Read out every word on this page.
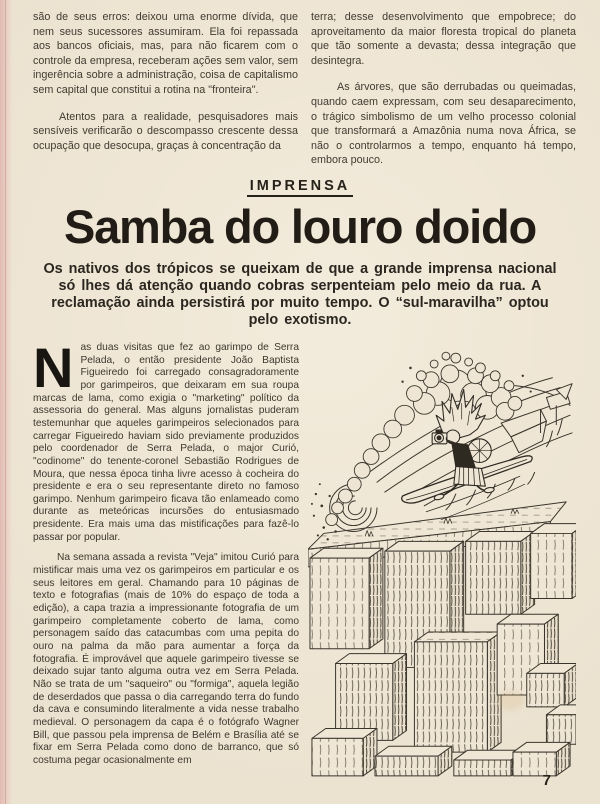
são de seus erros: deixou uma enorme dívida, que nem seus sucessores assumiram. Ela foi repassada aos bancos oficiais, mas, para não ficarem com o controle da empresa, receberam ações sem valor, sem ingerência sobre a administração, coisa de capitalismo sem capital que constitui a rotina na "fronteira".

Atentos para a realidade, pesquisadores mais sensíveis verificarão o descompasso crescente dessa ocupação que desocupa, graças à concentração da

terra; desse desenvolvimento que empobrece; do aproveitamento da maior floresta tropical do planeta que tão somente a devasta; dessa integração que desintegra.

As árvores, que são derrubadas ou queimadas, quando caem expressam, com seu desaparecimento, o trágico simbolismo de um velho processo colonial que transformará a Amazônia numa nova África, se não o controlarmos a tempo, enquanto há tempo, embora pouco.

IMPRENSA
Samba do louro doido

Os nativos dos trópicos se queixam de que a grande imprensa nacional só lhes dá atenção quando cobras serpenteiam pelo meio da rua. A reclamação ainda persistirá por muito tempo. O “sul-maravilha” optou pelo exotismo.

Nas duas visitas que fez ao garimpo de Serra Pelada, o então presidente João Baptista Figueiredo foi carregado consagradoramente por garimpeiros, que deixaram em sua roupa marcas de lama, como exigia o "marketing" político da assessoria do general. Mas alguns jornalistas puderam testemunhar que aqueles garimpeiros selecionados para carregar Figueiredo haviam sido previamente produzidos pelo coordenador de Serra Pelada, o major Curió, "codinome" do tenente-coronel Sebastião Rodrigues de Moura, que nessa época tinha livre acesso à cocheira do presidente e era o seu representante direto no famoso garimpo. Nenhum garimpeiro ficava tão enlameado como durante as meteóricas incursões do entusiasmado presidente. Era mais uma das mistificações para fazê-lo passar por popular.

Na semana assada a revista "Veja" imitou Curió para mistificar mais uma vez os garimpeiros em particular e os seus leitores em geral. Chamando para 10 páginas de texto e fotografias (mais de 10% do espaço de toda a edição), a capa trazia a impressionante fotografia de um garimpeiro completamente coberto de lama, como personagem saído das catacumbas com uma pepita do ouro na palma da mão para aumentar a força da fotografia. É improvável que aquele garimpeiro tivesse se deixado sujar tanto alguma outra vez em Serra Pelada. Não se trata de um "saqueiro" ou "formiga", aquela legião de deserdados que passa o dia carregando terra do fundo da cava e consumindo literalmente a vida nesse trabalho medieval. O personagem da capa é o fotógrafo Wagner Bill, que passou pela imprensa de Belém e Brasília até se fixar em Serra Pelada como dono de barranco, que só costuma pegar ocasionalmente em

7
